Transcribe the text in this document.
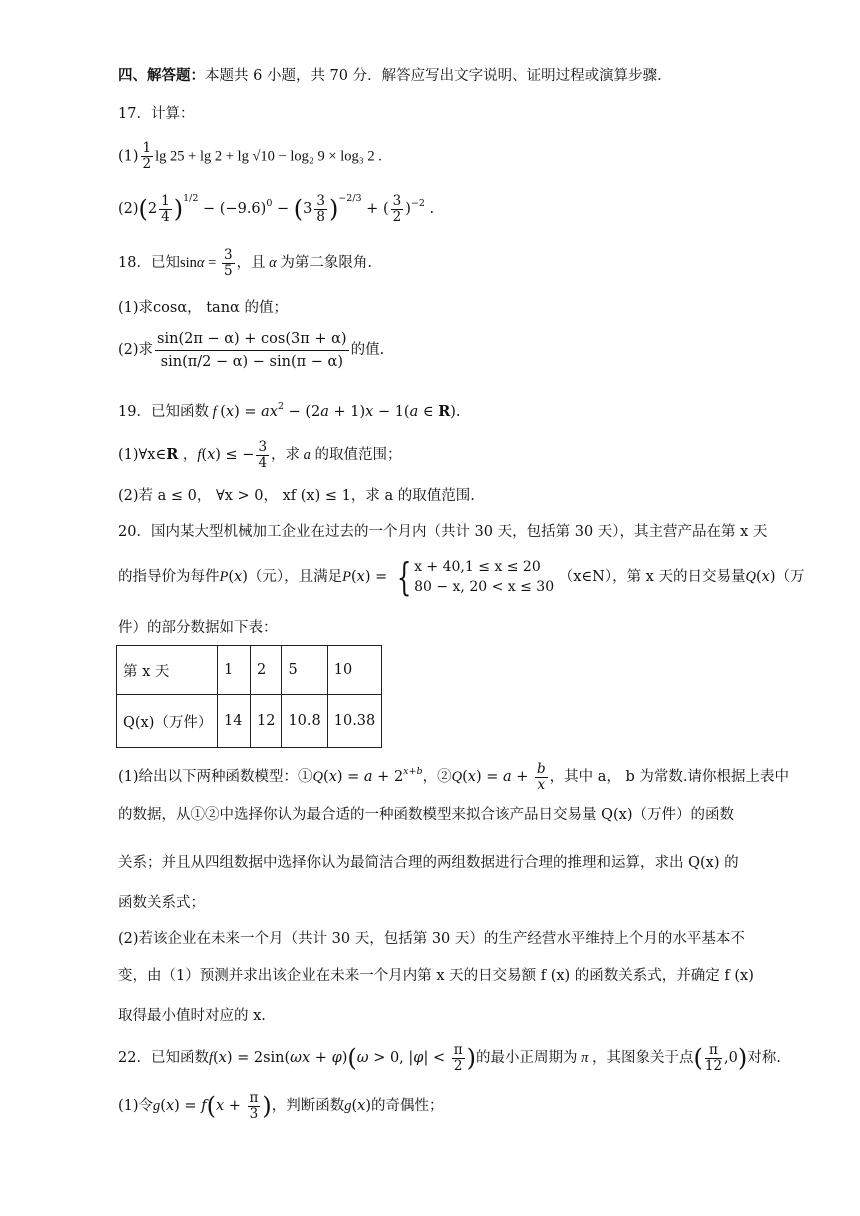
四、解答题：本题共 6 小题，共 70 分．解答应写出文字说明、证明过程或演算步骤．
17．计算：
$(1) \frac{1}{2}$ lg 25 + lg 2 + lg √10 − log₂ 9 × log₃ 2 .
$(2)(2 \frac{1}{4} )^{1/2} - (-9.6)^0 - (3 \frac{3}{8} )^{-2/3}$ + ( $\frac{3}{2} )^{-2}$ .
18．已知$\sin\alpha = \frac{3}{5}$ ，且 α 为第二象限角.
(1)求cosα， tanα 的值；
(2)求 $\frac{\sin(2\pi - \alpha) + \cos(3\pi + \alpha)}{\sin(\pi/2 - \alpha) - \sin(\pi - \alpha)}$ 的值.
19．已知函数 f $(x) = ax^2 - (2a + 1)x - 1(a$ ∈ R).
(1)∀x∈R ，f(x) ≤ − $\frac{3}{4}$ ，求 a 的取值范围；
(2)若 a ≤ 0， ∀x > 0， xf (x) ≤ 1，求 a 的取值范围.
20．国内某大型机械加工企业在过去的一个月内（共计 30 天，包括第 30 天），其主营产品在第 x 天
的指导价为每件P(x)（元），且满足P(x) = { x + 40,1 ≤ x ≤ 20
80 − x, 20 < x ≤ 30
（x∈N），第 x 天的日交易量Q(x)（万
件）的部分数据如下表：
第 x 天	1	2	5	10
Q(x)（万件）	14	12	10.8	10.38
(1)给出以下两种函数模型：①Q(x) = $a + 2^{x+b}$，②Q(x) = $a + \frac{b}{x}$ ，其中 a， b 为常数.请你根据上表中
的数据，从①②中选择你认为最合适的一种函数模型来拟合该产品日交易量 Q(x)（万件）的函数
关系；并且从四组数据中选择你认为最简洁合理的两组数据进行合理的推理和运算，求出 Q(x) 的
函数关系式；
(2)若该企业在未来一个月（共计 30 天，包括第 30 天）的生产经营水平维持上个月的水平基本不
变，由（1）预测并求出该企业在未来一个月内第 x 天的日交易额 f (x) 的函数关系式，并确定 f (x)
取得最小值时对应的 x.
22．已知函数f(x) = 2sin(ωx + φ)(ω > 0, $|\varphi| < \frac{\pi}{2}$ )的最小正周期为 π ，其图象关于点( $\frac{\pi}{12} ,0$)对称.
(1)令$g(x) = f(x + \frac{\pi}{3}$ )，判断函数g(x)的奇偶性；
